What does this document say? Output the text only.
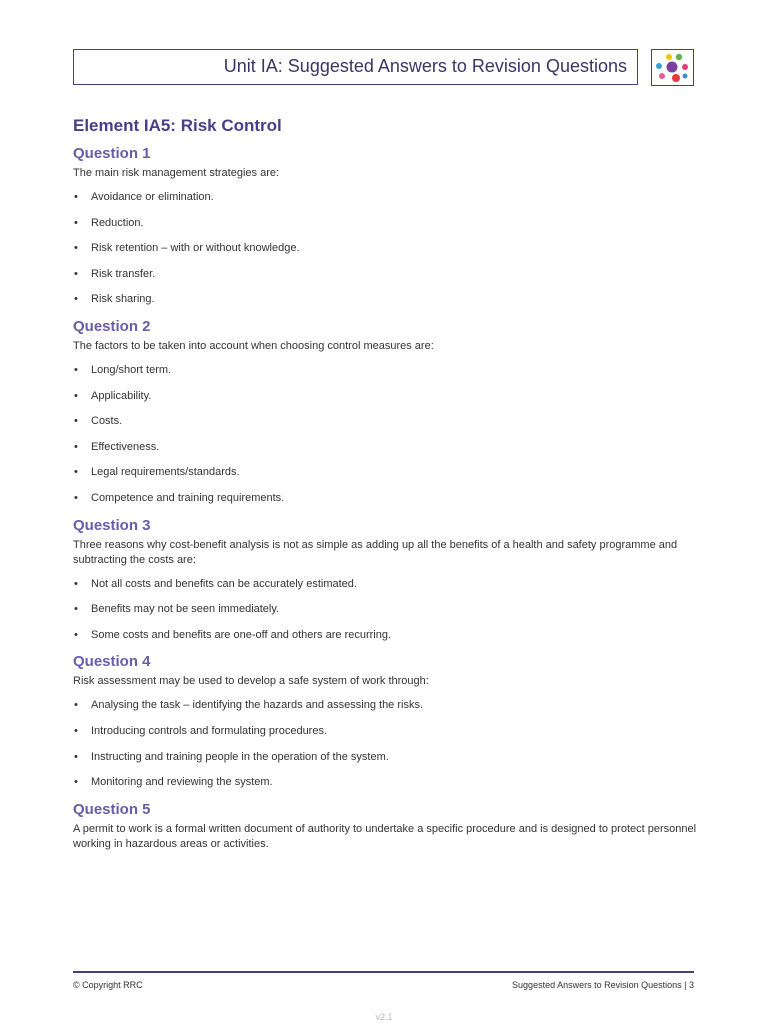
Unit IA: Suggested Answers to Revision Questions
Element IA5: Risk Control
Question 1

The main risk management strategies are:

• Avoidance or elimination.
• Reduction.
• Risk retention – with or without knowledge.
• Risk transfer.
• Risk sharing.
Question 2

The factors to be taken into account when choosing control measures are:

• Long/short term.
• Applicability.
• Costs.
• Effectiveness.
• Legal requirements/standards.
• Competence and training requirements.
Question 3

Three reasons why cost-benefit analysis is not as simple as adding up all the benefits of a health and safety programme and subtracting the costs are:

• Not all costs and benefits can be accurately estimated.
• Benefits may not be seen immediately.
• Some costs and benefits are one-off and others are recurring.
Question 4

Risk assessment may be used to develop a safe system of work through:

• Analysing the task – identifying the hazards and assessing the risks.
• Introducing controls and formulating procedures.
• Instructing and training people in the operation of the system.
• Monitoring and reviewing the system.
Question 5

A permit to work is a formal written document of authority to undertake a specific procedure and is designed to protect personnel working in hazardous areas or activities.

© Copyright RRC	Suggested Answers to Revision Questions | 3
v2.1
